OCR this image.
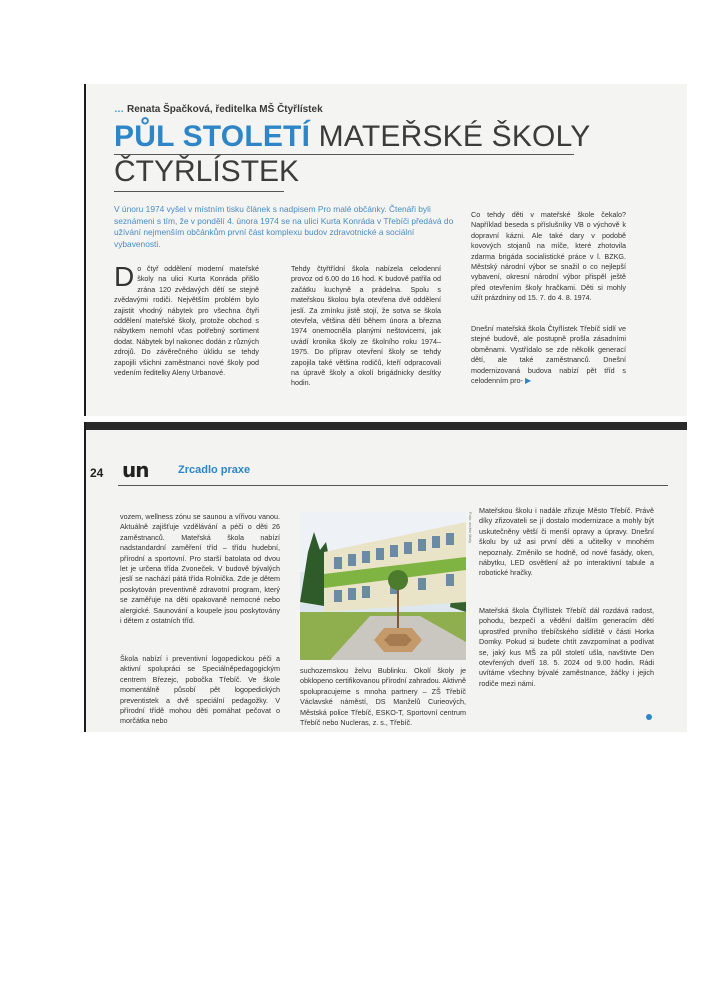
… Renata Špačková, ředitelka MŠ Čtyřlístek
PŮL STOLETÍ MATEŘSKÉ ŠKOLY
ČTYŘLÍSTEK
V únoru 1974 vyšel v místním tisku článek s nadpisem Pro malé občánky. Čtenáři byli seznámeni s tím, že v pondělí 4. února 1974 se na ulici Kurta Konráda v Třebíči předává do užívání nejmenším občánkům první část komplexu budov zdravotnické a sociální vybavenosti.
Do čtyř oddělení moderní mateřské školy na ulici Kurta Konráda přišlo zrána 120 zvědavých dětí se stejně zvědavými rodiči. Největším problém bylo zajistit vhodný nábytek pro všechna čtyři oddělení mateřské školy, protože obchod s nábytkem nemohl včas potřebný sortiment dodat. Nábytek byl nakonec dodán z různých zdrojů. Do závěrečného úklidu se tehdy zapojili všichni zaměstnanci nové školy pod vedením ředitelky Aleny Urbanové.
Tehdy čtyřtřídní škola nabízela celodenní provoz od 6.00 do 16 hod. K budově patřila od začátku kuchyně a prádelna. Spolu s mateřskou školou byla otevřena dvě oddělení jeslí. Za zmínku jistě stojí, že sotva se škola otevřela, většina dětí během února a března 1974 onemocněla planými neštovicemi, jak uvádí kronika školy ze školního roku 1974–1975. Do příprav otevření školy se tehdy zapojila také většina rodičů, kteří odpracovali na úpravě školy a okolí brigádnicky desítky hodin.
Co tehdy děti v mateřské škole čekalo? Například beseda s příslušníky VB o výchově k dopravní kázni. Ale také dary v podobě kovových stojanů na míče, které zhotovila zdarma brigáda socialistické práce v l. BZKG. Městský národní výbor se snažil o co nejlepší vybavení, okresní národní výbor přispěl ještě před otevřením školy hračkami. Děti si mohly užít prázdniny od 15. 7. do 4. 8. 1974.
Dnešní mateřská škola Čtyřlístek Třebíč sídlí ve stejné budově, ale postupně prošla zásadními obměnami. Vystřídalo se zde několik generací dětí, ale také zaměstnanců. Dnešní modernizovaná budova nabízí pět tříd s celodenním pro- ▶
24 un	Zrcadlo praxe
vozem, wellness zónu se saunou a vířivou vanou. Aktuálně zajišťuje vzdělávání a péči o děti 26 zaměstnanců. Mateřská škola nabízí nadstandardní zaměření tříd – třídu hudební, přírodní a sportovní. Pro starší batolata od dvou let je určena třída Zvoneček. V budově bývalých jeslí se nachází pátá třída Rolnička. Zde je dětem poskytován preventivně zdravotní program, který se zaměřuje na děti opakovaně nemocné nebo alergické. Saunování a koupele jsou poskytovány i dětem z ostatních tříd.
Škola nabízí i preventivní logopedickou péči a aktivní spolupráci se Speciálněpedagogickým centrem Březejc, pobočka Třebíč. Ve škole momentálně působí pět logopedických preventistek a dvě speciální pedagožky. V přírodní třídě mohou děti pomáhat pečovat o morčátka nebo
Foto: archiv školy
suchozemskou želvu Bublinku. Okolí školy je obklopeno certifikovanou přírodní zahradou. Aktivně spolupracujeme s mnoha partnery – ZŠ Třebíč Václavské náměstí, DS Manželů Curieových, Městská police Třebíč, ESKO-T, Sportovní centrum Třebíč nebo Nucleras, z. s., Třebíč.
Mateřskou školu i nadále zřizuje Město Třebíč. Právě díky zřizovateli se jí dostalo modernizace a mohly být uskutečněny větší či menší opravy a úpravy. Dnešní školu by už asi první děti a učitelky v mnohém nepoznaly. Změnilo se hodně, od nové fasády, oken, nábytku, LED osvětlení až po interaktivní tabule a robotické hračky.
Mateřská škola Čtyřlístek Třebíč dál rozdává radost, pohodu, bezpečí a vědění dalším generacím dětí uprostřed prvního třebíčského sídliště v části Horka Domky. Pokud si budete chtít zavzpomínat a podívat se, jaký kus MŠ za půl století ušla, navštivte Den otevřených dveří 18. 5. 2024 od 9.00 hodin. Rádi uvítáme všechny bývalé zaměstnance, žáčky i jejich rodiče mezi námi.
